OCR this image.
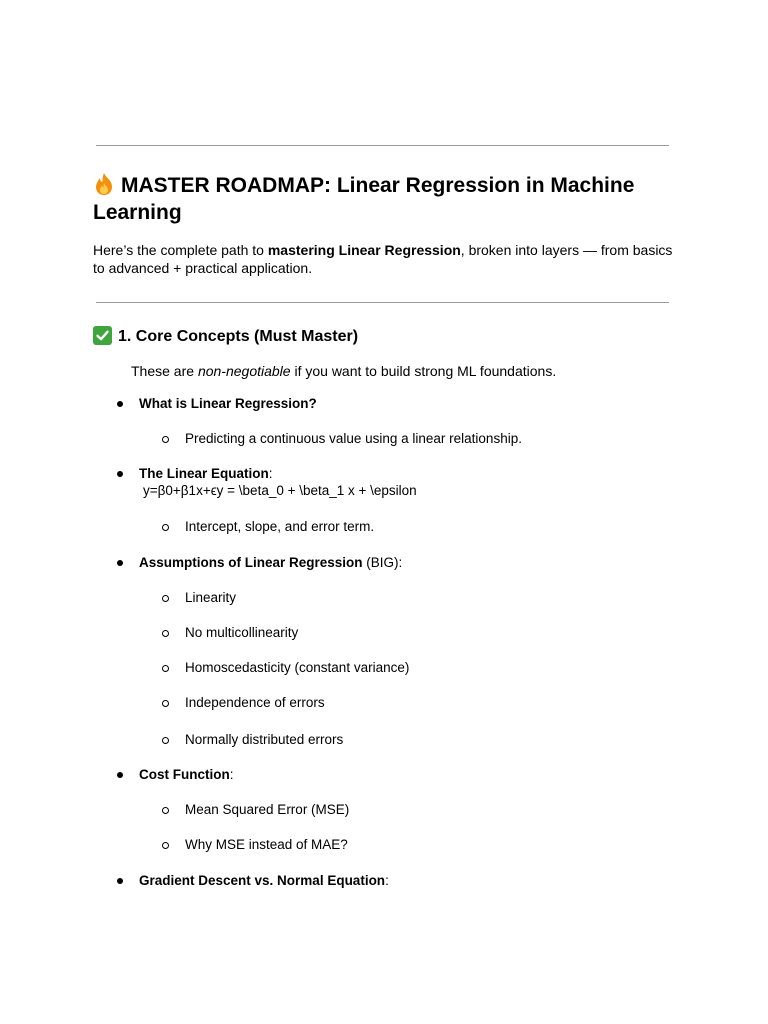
MASTER ROADMAP: Linear Regression in Machine Learning

Here’s the complete path to mastering Linear Regression, broken into layers — from basics to advanced + practical application.

1. Core Concepts (Must Master)

These are non-negotiable if you want to build strong ML foundations.

What is Linear Regression?
Predicting a continuous value using a linear relationship.
The Linear Equation:
y=β0+β1x+ϵy = \beta_0 + \beta_1 x + \epsilon
Intercept, slope, and error term.
Assumptions of Linear Regression (BIG):
Linearity
No multicollinearity
Homoscedasticity (constant variance)
Independence of errors
Normally distributed errors
Cost Function:
Mean Squared Error (MSE)
Why MSE instead of MAE?
Gradient Descent vs. Normal Equation:
